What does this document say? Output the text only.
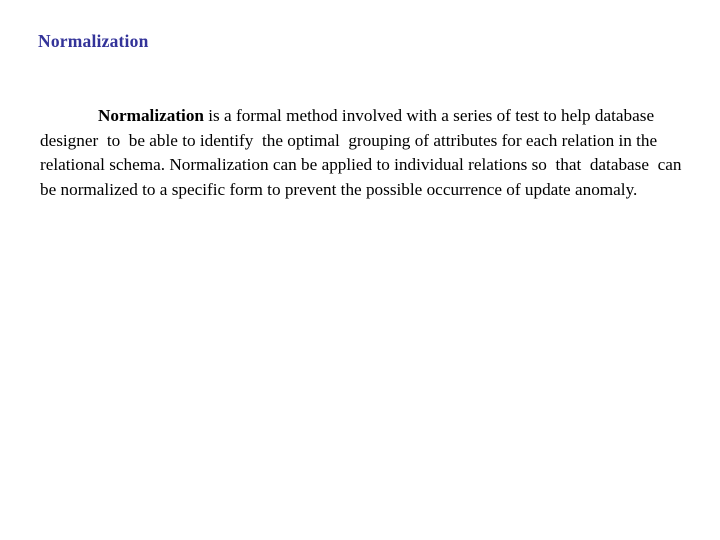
Normalization
Normalization is a formal method involved with a series of test to help database designer  to  be able to identify  the optimal  grouping of attributes for each relation in the relational schema. Normalization can be applied to individual relations so  that  database  can be normalized to a specific form to prevent the possible occurrence of update anomaly.
